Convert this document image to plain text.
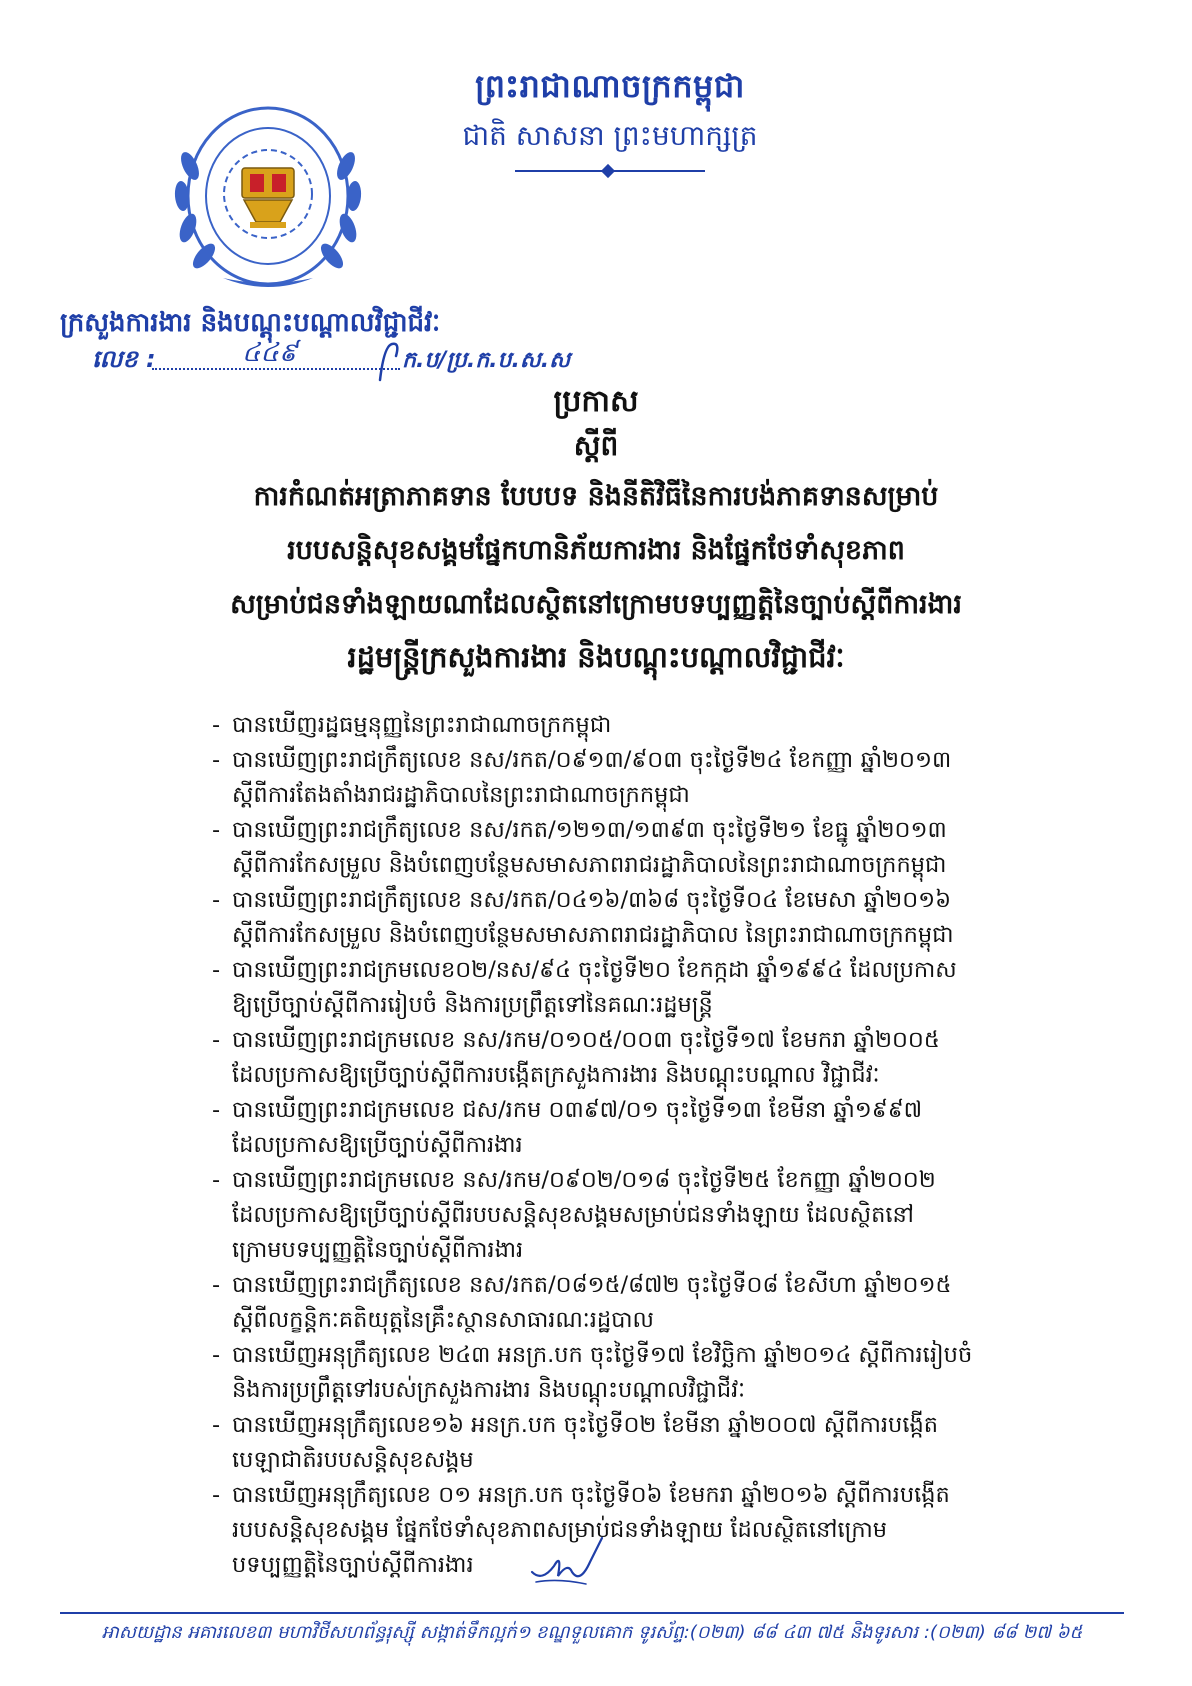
ព្រះរាជាណាចក្រកម្ពុជា
ជាតិ សាសនា ព្រះមហាក្សត្រ
ក្រសួងការងារ និងបណ្តុះបណ្តាលវិជ្ជាជីវៈ
លេខ :	៤៤៩	ក.ប/ប្រ.ក.ប.ស.ស
ប្រកាស
ស្តីពី
ការកំណត់អត្រាភាគទាន បែបបទ និងនីតិវិធីនៃការបង់ភាគទានសម្រាប់
របបសន្តិសុខសង្គមផ្នែកហានិភ័យការងារ និងផ្នែកថែទាំសុខភាព
សម្រាប់ជនទាំងឡាយណាដែលស្ថិតនៅក្រោមបទប្បញ្ញត្តិនៃច្បាប់ស្តីពីការងារ
រដ្ឋមន្ត្រីក្រសួងការងារ និងបណ្តុះបណ្តាលវិជ្ជាជីវៈ
- បានឃើញរដ្ឋធម្មនុញ្ញនៃព្រះរាជាណាចក្រកម្ពុជា
- បានឃើញព្រះរាជក្រឹត្យលេខ នស/រកត/០៩១៣/៩០៣ ចុះថ្ងៃទី២៤ ខែកញ្ញា ឆ្នាំ២០១៣
ស្តីពីការតែងតាំងរាជរដ្ឋាភិបាលនៃព្រះរាជាណាចក្រកម្ពុជា
- បានឃើញព្រះរាជក្រឹត្យលេខ នស/រកត/១២១៣/១៣៩៣ ចុះថ្ងៃទី២១ ខែធ្នូ ឆ្នាំ២០១៣
ស្តីពីការកែសម្រួល និងបំពេញបន្ថែមសមាសភាពរាជរដ្ឋាភិបាលនៃព្រះរាជាណាចក្រកម្ពុជា
- បានឃើញព្រះរាជក្រឹត្យលេខ នស/រកត/០៤១៦/៣៦៨ ចុះថ្ងៃទី០៤ ខែមេសា ឆ្នាំ២០១៦
ស្តីពីការកែសម្រួល និងបំពេញបន្ថែមសមាសភាពរាជរដ្ឋាភិបាល នៃព្រះរាជាណាចក្រកម្ពុជា
- បានឃើញព្រះរាជក្រមលេខ០២/នស/៩៤ ចុះថ្ងៃទី២០ ខែកក្កដា ឆ្នាំ១៩៩៤ ដែលប្រកាស
ឱ្យប្រើច្បាប់ស្តីពីការរៀបចំ និងការប្រព្រឹត្តទៅនៃគណៈរដ្ឋមន្ត្រី
- បានឃើញព្រះរាជក្រមលេខ នស/រកម/០១០៥/០០៣ ចុះថ្ងៃទី១៧ ខែមករា ឆ្នាំ២០០៥
ដែលប្រកាសឱ្យប្រើច្បាប់ស្តីពីការបង្កើតក្រសួងការងារ និងបណ្តុះបណ្តាល វិជ្ជាជីវៈ
- បានឃើញព្រះរាជក្រមលេខ ជស/រកម ០៣៩៧/០១ ចុះថ្ងៃទី១៣ ខែមីនា ឆ្នាំ១៩៩៧
ដែលប្រកាសឱ្យប្រើច្បាប់ស្តីពីការងារ
- បានឃើញព្រះរាជក្រមលេខ នស/រកម/០៩០២/០១៨ ចុះថ្ងៃទី២៥ ខែកញ្ញា ឆ្នាំ២០០២
ដែលប្រកាសឱ្យប្រើច្បាប់ស្តីពីរបបសន្តិសុខសង្គមសម្រាប់ជនទាំងឡាយ ដែលស្ថិតនៅ
ក្រោមបទប្បញ្ញត្តិនៃច្បាប់ស្តីពីការងារ
- បានឃើញព្រះរាជក្រឹត្យលេខ នស/រកត/០៨១៥/៨៧២ ចុះថ្ងៃទី០៨ ខែសីហា ឆ្នាំ២០១៥
ស្តីពីលក្ខន្តិកៈគតិយុត្តនៃគ្រឹះស្ថានសាធារណៈរដ្ឋបាល
- បានឃើញអនុក្រឹត្យលេខ ២៤៣ អនក្រ.បក ចុះថ្ងៃទី១៧ ខែវិច្ឆិកា ឆ្នាំ២០១៤ ស្តីពីការរៀបចំ
និងការប្រព្រឹត្តទៅរបស់ក្រសួងការងារ និងបណ្តុះបណ្តាលវិជ្ជាជីវៈ
- បានឃើញអនុក្រឹត្យលេខ១៦ អនក្រ.បក ចុះថ្ងៃទី០២ ខែមីនា ឆ្នាំ២០០៧ ស្តីពីការបង្កើត
បេឡាជាតិរបបសន្តិសុខសង្គម
- បានឃើញអនុក្រឹត្យលេខ ០១ អនក្រ.បក ចុះថ្ងៃទី០៦ ខែមករា ឆ្នាំ២០១៦ ស្តីពីការបង្កើត
របបសន្តិសុខសង្គម ផ្នែកថែទាំសុខភាពសម្រាប់ជនទាំងឡាយ ដែលស្ថិតនៅក្រោម
បទប្បញ្ញត្តិនៃច្បាប់ស្តីពីការងារ
អាសយដ្ឋាន អគារលេខ៣ មហាវិថីសហព័ន្ធរុស្ស៊ី សង្កាត់ទឹកល្អក់១ ខណ្ឌទួលគោក ទូរស័ព្ទ:(០២៣) ៨៨ ៤៣ ៧៥ និងទូរសារ :(០២៣) ៨៨ ២៧ ៦៥
